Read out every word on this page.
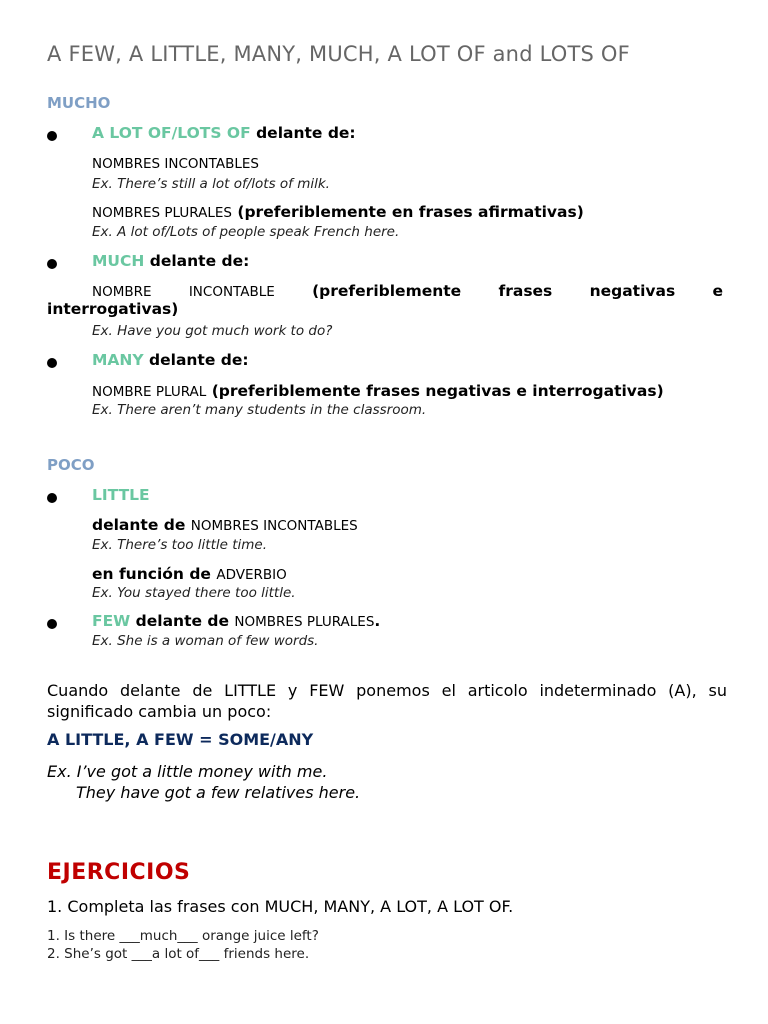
A FEW, A LITTLE, MANY, MUCH, A LOT OF and LOTS OF
MUCHO
A LOT OF/LOTS OF delante de:
NOMBRES INCONTABLES
Ex. There’s still a lot of/lots of milk.
NOMBRES PLURALES (preferiblemente en frases afirmativas)
Ex. A lot of/Lots of people speak French here.
MUCH delante de:
NOMBRE	INCONTABLE (preferiblemente frases negativas e
interrogativas)
Ex. Have you got much work to do?
MANY delante de:
NOMBRE PLURAL (preferiblemente frases negativas e interrogativas)
Ex. There aren’t many students in the classroom.
POCO
LITTLE
delante de NOMBRES INCONTABLES
Ex. There’s too little time.
en función de ADVERBIO
Ex. You stayed there too little.
FEW delante de NOMBRES PLURALES.
Ex. She is a woman of few words.
Cuando delante de LITTLE y FEW ponemos el articolo indeterminado (A), su significado cambia un poco:
A LITTLE, A FEW = SOME/ANY
Ex. I’ve got a little money with me.
They have got a few relatives here.
EJERCICIOS
1. Completa las frases con MUCH, MANY, A LOT, A LOT OF.
1. Is there ___much___ orange juice left?
2. She’s got ___a lot of___ friends here.
